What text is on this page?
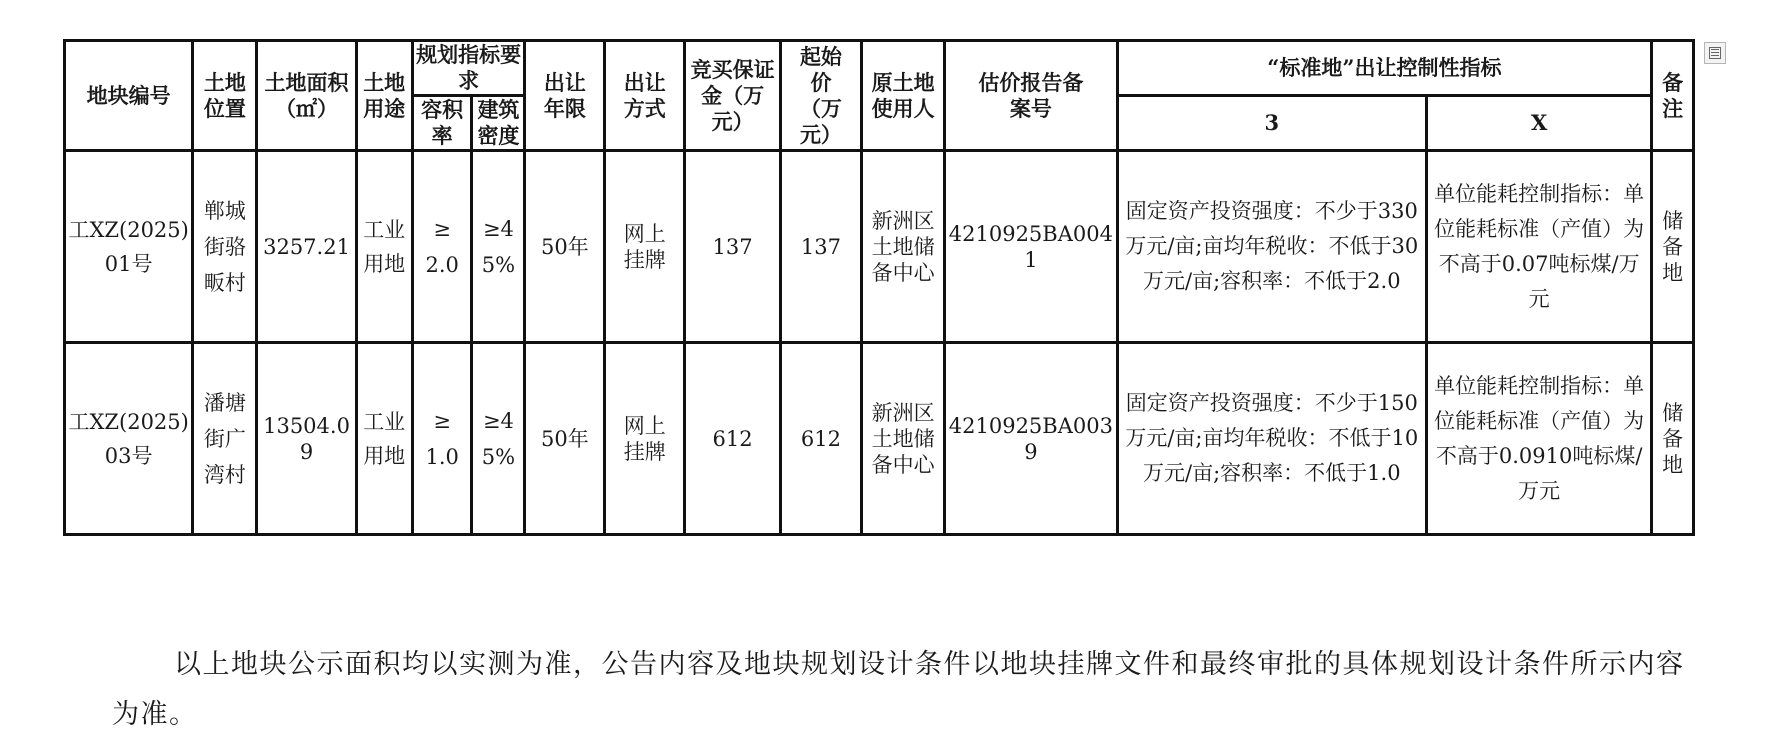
地块编号	土地位置	土地面积（㎡）	土地用途	规划指标要求		出让年限	出让方式	竞买保证金（万元）	起始价（万元）	原土地使用人	估价报告备案号	“标准地”出让控制性指标		备注

				容积率	建筑密度							3	X	

工XZ(2025)01号	郸城街骆畈村	3257.21	工业用地	≥2.0	≥45%	50年	网上挂牌	137	137	新洲区土地储备中心	4210925BA0041	固定资产投资强度：不少于330万元/亩;亩均年税收：不低于30万元/亩;容积率：不低于2.0	单位能耗控制指标：单位能耗标准（产值）为不高于0.07吨标煤/万元	储备地

工XZ(2025)03号	潘塘街广湾村	13504.09	工业用地	≥1.0	≥45%	50年	网上挂牌	612	612	新洲区土地储备中心	4210925BA0039	固定资产投资强度：不少于150万元/亩;亩均年税收：不低于10万元/亩;容积率：不低于1.0	单位能耗控制指标：单位能耗标准（产值）为不高于0.0910吨标煤/万元	储备地
以上地块公示面积均以实测为准，公告内容及地块规划设计条件以地块挂牌文件和最终审批的具体规划设计条件所示内容为准。
